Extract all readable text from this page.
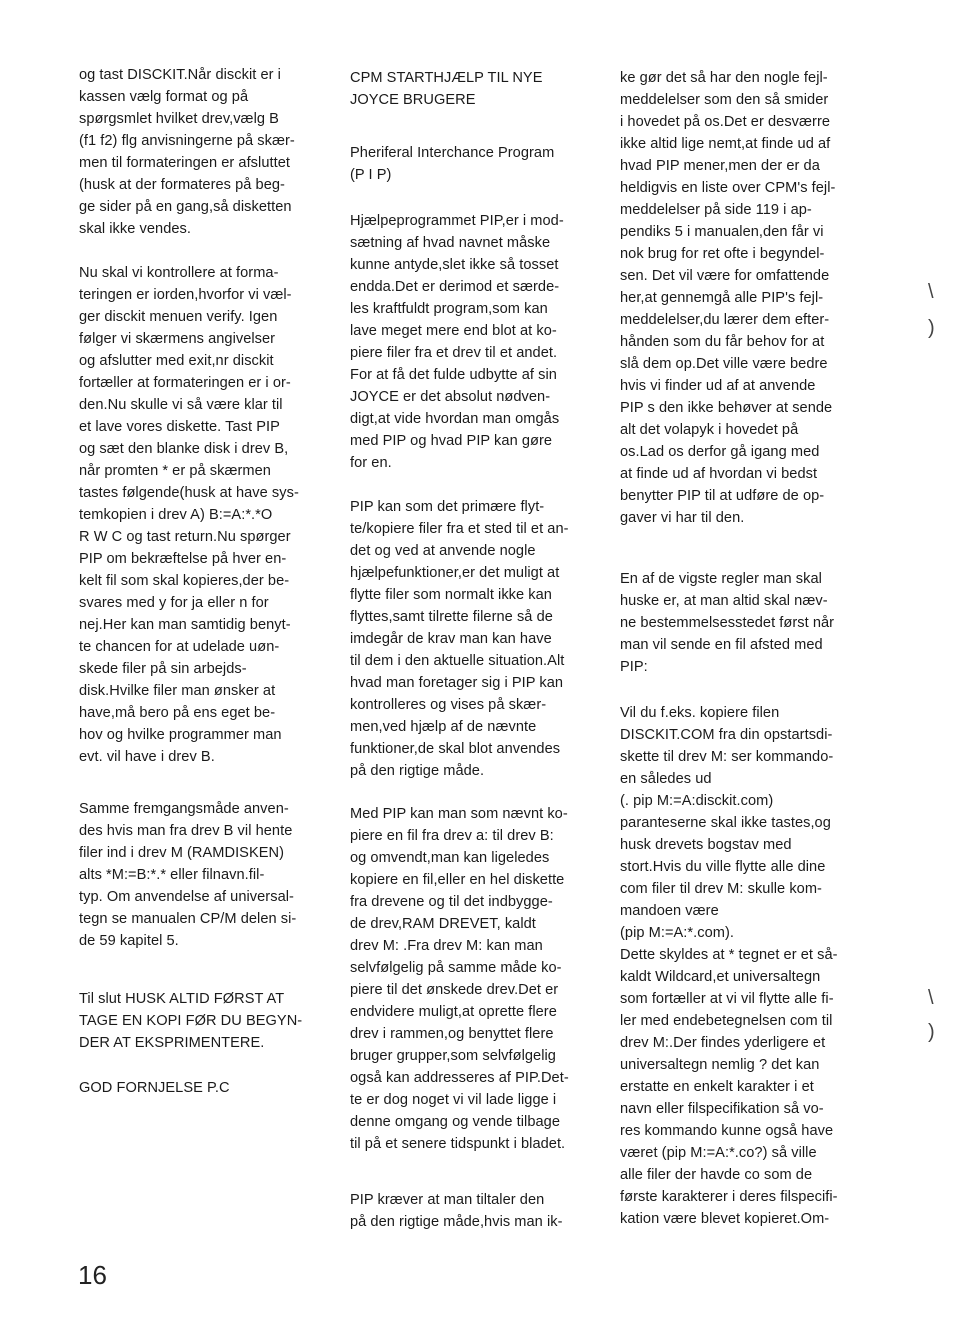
og tast DISCKIT.Når disckit er i
kassen vælg format og på
spørgsmlet hvilket drev,vælg B
(f1 f2) flg anvisningerne på skær-
men til formateringen er afsluttet
(husk at der formateres på beg-
ge sider på en gang,så disketten
skal ikke vendes.
Nu skal vi kontrollere at forma-
teringen er iorden,hvorfor vi væl-
ger disckit menuen verify. Igen
følger vi skærmens angivelser
og afslutter med exit,nr disckit
fortæller at formateringen er i or-
den.Nu skulle vi så være klar til
et lave vores diskette. Tast PIP
og sæt den blanke disk i drev B,
når promten * er på skærmen
tastes følgende(husk at have sys-
temkopien i drev A) B:=A:*.*O
R W C og tast return.Nu spørger
PIP om bekræftelse på hver en-
kelt fil som skal kopieres,der be-
svares med y for ja eller n for
nej.Her kan man samtidig benyt-
te chancen for at udelade uøn-
skede filer på sin arbejds-
disk.Hvilke filer man ønsker at
have,må bero på ens eget be-
hov og hvilke programmer man
evt. vil have i drev B.
Samme fremgangsmåde anven-
des hvis man fra drev B vil hente
filer ind i drev M (RAMDISKEN)
alts *M:=B:*.* eller filnavn.fil-
typ. Om anvendelse af universal-
tegn se manualen CP/M delen si-
de 59 kapitel 5.
Til slut HUSK ALTID FØRST AT
TAGE EN KOPI FØR DU BEGYN-
DER AT EKSPRIMENTERE.
GOD FORNJELSE P.C
CPM STARTHJÆLP TIL NYE
JOYCE BRUGERE
Pheriferal Interchance Program
(P I P)
Hjælpeprogrammet PIP,er i mod-
sætning af hvad navnet måske
kunne antyde,slet ikke så tosset
endda.Det er derimod et særde-
les kraftfuldt program,som kan
lave meget mere end blot at ko-
piere filer fra et drev til et andet.
For at få det fulde udbytte af sin
JOYCE er det absolut nødven-
digt,at vide hvordan man omgås
med PIP og hvad PIP kan gøre
for en.
PIP kan som det primære flyt-
te/kopiere filer fra et sted til et an-
det og ved at anvende nogle
hjælpefunktioner,er det muligt at
flytte filer som normalt ikke kan
flyttes,samt tilrette filerne så de
imdegår de krav man kan have
til dem i den aktuelle situation.Alt
hvad man foretager sig i PIP kan
kontrolleres og vises på skær-
men,ved hjælp af de nævnte
funktioner,de skal blot anvendes
på den rigtige måde.
Med PIP kan man som nævnt ko-
piere en fil fra drev a: til drev B:
og omvendt,man kan ligeledes
kopiere en fil,eller en hel diskette
fra drevene og til det indbygge-
de drev,RAM DREVET, kaldt
drev M: .Fra drev M: kan man
selvfølgelig på samme måde ko-
piere til det ønskede drev.Det er
endvidere muligt,at oprette flere
drev i rammen,og benyttet flere
bruger grupper,som selvfølgelig
også kan addresseres af PIP.Det-
te er dog noget vi vil lade ligge i
denne omgang og vende tilbage
til på et senere tidspunkt i bladet.
PIP kræver at man tiltaler den
på den rigtige måde,hvis man ik-
ke gør det så har den nogle fejl-
meddelelser som den så smider
i hovedet på os.Det er desværre
ikke altid lige nemt,at finde ud af
hvad PIP mener,men der er da
heldigvis en liste over CPM's fejl-
meddelelser på side 119 i ap-
pendiks 5 i manualen,den får vi
nok brug for ret ofte i begyndel-
sen. Det vil være for omfattende
her,at gennemgå alle PIP's fejl-
meddelelser,du lærer dem efter-
hånden som du får behov for at
slå dem op.Det ville være bedre
hvis vi finder ud af at anvende
PIP s den ikke behøver at sende
alt det volapyk i hovedet på
os.Lad os derfor gå igang med
at finde ud af hvordan vi bedst
benytter PIP til at udføre de op-
gaver vi har til den.
En af de vigste regler man skal
huske er, at man altid skal næv-
ne bestemmelsesstedet først når
man vil sende en fil afsted med
PIP:
Vil du f.eks. kopiere filen
DISCKIT.COM fra din opstartsdi-
skette til drev M: ser kommando-
en således ud
(. pip M:=A:disckit.com)
paranteserne skal ikke tastes,og
husk drevets bogstav med
stort.Hvis du ville flytte alle dine
com filer til drev M: skulle kom-
mandoen være
(pip M:=A:*.com).
Dette skyldes at * tegnet er et så-
kaldt Wildcard,et universaltegn
som fortæller at vi vil flytte alle fi-
ler med endebetegnelsen com til
drev M:.Der findes yderligere et
universaltegn nemlig ? det kan
erstatte en enkelt karakter i et
navn eller filspecifikation så vo-
res kommando kunne også have
været (pip M:=A:*.co?) så ville
alle filer der havde co som de
første karakterer i deres filspecifi-
kation være blevet kopieret.Om-
16
\
)
\
)
